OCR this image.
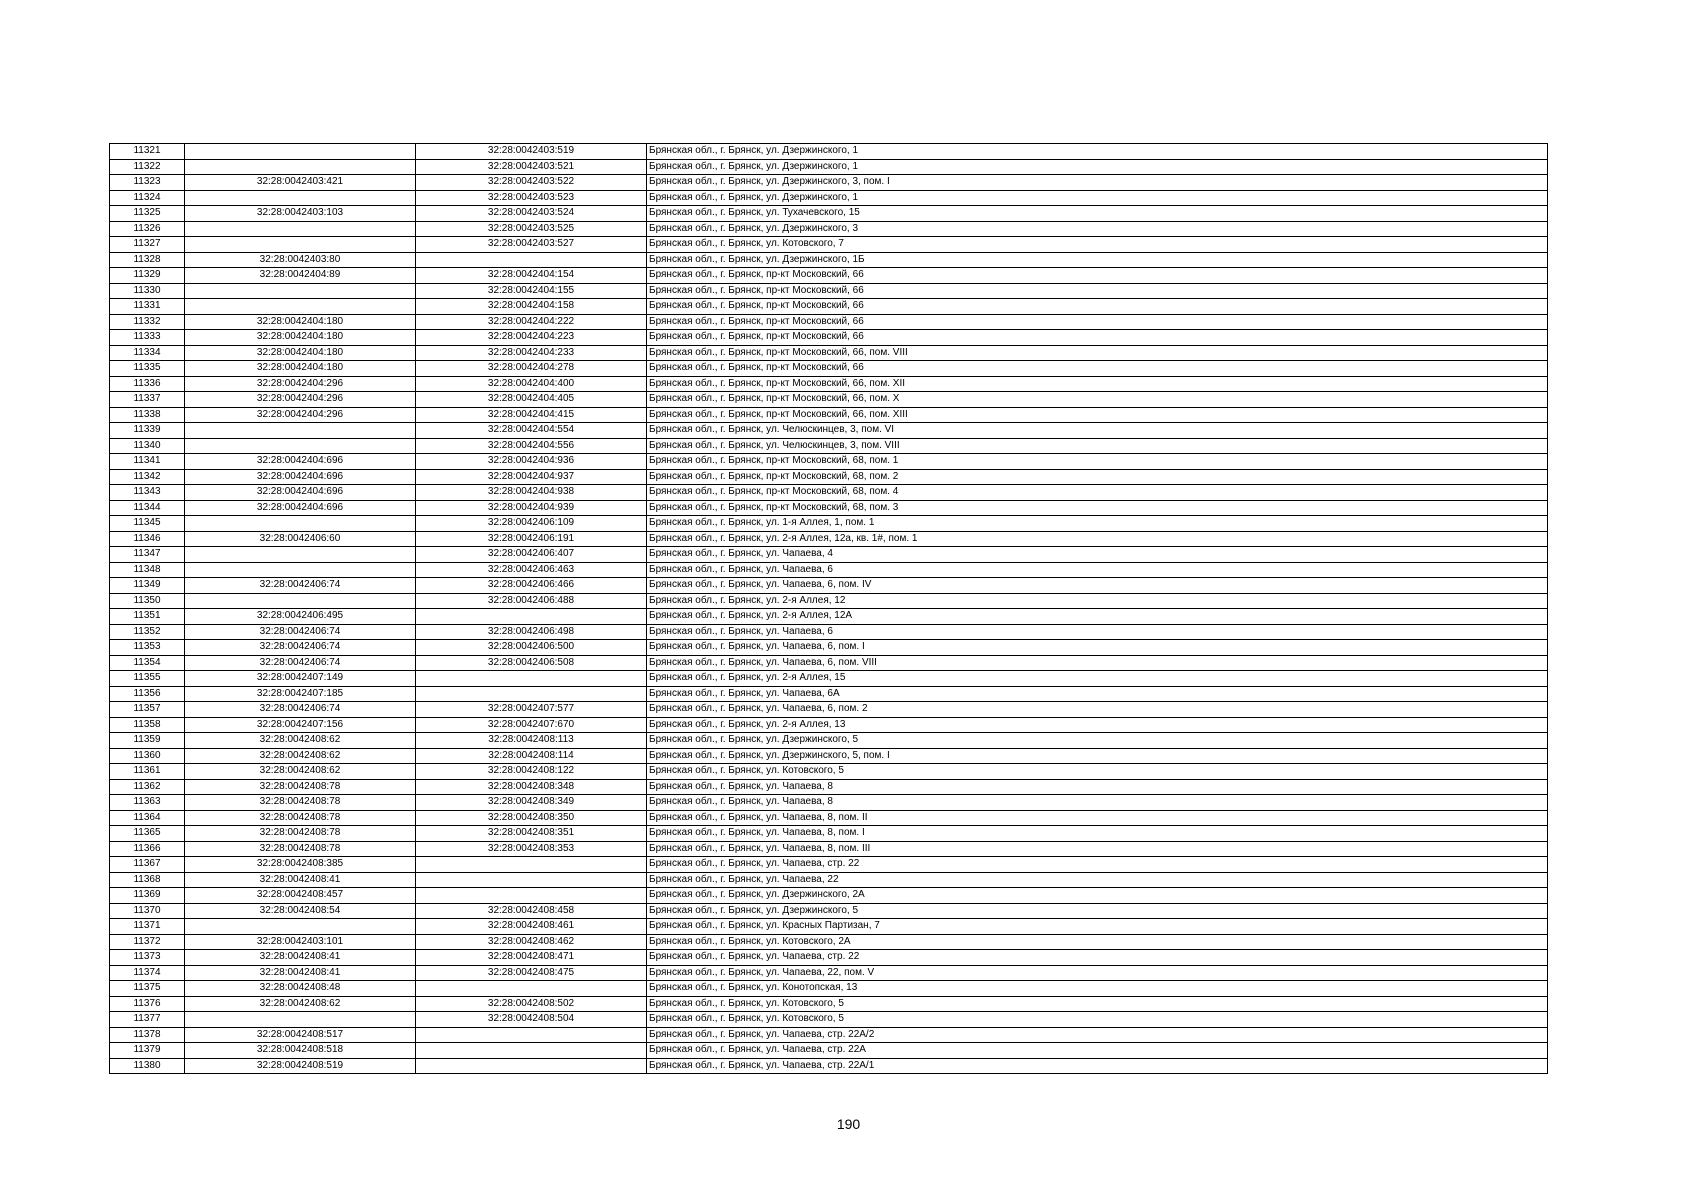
11321		32:28:0042403:519	Брянская обл., г. Брянск, ул. Дзержинского, 1
11322		32:28:0042403:521	Брянская обл., г. Брянск, ул. Дзержинского, 1
11323	32:28:0042403:421	32:28:0042403:522	Брянская обл., г. Брянск, ул. Дзержинского, 3, пом. I
11324		32:28:0042403:523	Брянская обл., г. Брянск, ул. Дзержинского, 1
11325	32:28:0042403:103	32:28:0042403:524	Брянская обл., г. Брянск, ул. Тухачевского, 15
11326		32:28:0042403:525	Брянская обл., г. Брянск, ул. Дзержинского, 3
11327		32:28:0042403:527	Брянская обл., г. Брянск, ул. Котовского, 7
11328	32:28:0042403:80		Брянская обл., г. Брянск, ул. Дзержинского, 1Б
11329	32:28:0042404:89	32:28:0042404:154	Брянская обл., г. Брянск, пр-кт Московский, 66
11330		32:28:0042404:155	Брянская обл., г. Брянск, пр-кт Московский, 66
11331		32:28:0042404:158	Брянская обл., г. Брянск, пр-кт Московский, 66
11332	32:28:0042404:180	32:28:0042404:222	Брянская обл., г. Брянск, пр-кт Московский, 66
11333	32:28:0042404:180	32:28:0042404:223	Брянская обл., г. Брянск, пр-кт Московский, 66
11334	32:28:0042404:180	32:28:0042404:233	Брянская обл., г. Брянск, пр-кт Московский, 66, пом. VIII
11335	32:28:0042404:180	32:28:0042404:278	Брянская обл., г. Брянск, пр-кт Московский, 66
11336	32:28:0042404:296	32:28:0042404:400	Брянская обл., г. Брянск, пр-кт Московский, 66, пом. XII
11337	32:28:0042404:296	32:28:0042404:405	Брянская обл., г. Брянск, пр-кт Московский, 66, пом. X
11338	32:28:0042404:296	32:28:0042404:415	Брянская обл., г. Брянск, пр-кт Московский, 66, пом. XIII
11339		32:28:0042404:554	Брянская обл., г. Брянск, ул. Челюскинцев, 3, пом. VI
11340		32:28:0042404:556	Брянская обл., г. Брянск, ул. Челюскинцев, 3, пом. VIII
11341	32:28:0042404:696	32:28:0042404:936	Брянская обл., г. Брянск, пр-кт Московский, 68, пом. 1
11342	32:28:0042404:696	32:28:0042404:937	Брянская обл., г. Брянск, пр-кт Московский, 68, пом. 2
11343	32:28:0042404:696	32:28:0042404:938	Брянская обл., г. Брянск, пр-кт Московский, 68, пом. 4
11344	32:28:0042404:696	32:28:0042404:939	Брянская обл., г. Брянск, пр-кт Московский, 68, пом. 3
11345		32:28:0042406:109	Брянская обл., г. Брянск, ул. 1-я Аллея, 1, пом. 1
11346	32:28:0042406:60	32:28:0042406:191	Брянская обл., г. Брянск, ул. 2-я Аллея, 12а, кв. 1#, пом. 1
11347		32:28:0042406:407	Брянская обл., г. Брянск, ул. Чапаева, 4
11348		32:28:0042406:463	Брянская обл., г. Брянск, ул. Чапаева, 6
11349	32:28:0042406:74	32:28:0042406:466	Брянская обл., г. Брянск, ул. Чапаева, 6, пом. IV
11350		32:28:0042406:488	Брянская обл., г. Брянск, ул. 2-я Аллея, 12
11351	32:28:0042406:495		Брянская обл., г. Брянск, ул. 2-я Аллея, 12А
11352	32:28:0042406:74	32:28:0042406:498	Брянская обл., г. Брянск, ул. Чапаева, 6
11353	32:28:0042406:74	32:28:0042406:500	Брянская обл., г. Брянск, ул. Чапаева, 6, пом. I
11354	32:28:0042406:74	32:28:0042406:508	Брянская обл., г. Брянск, ул. Чапаева, 6, пом. VIII
11355	32:28:0042407:149		Брянская обл., г. Брянск, ул. 2-я Аллея, 15
11356	32:28:0042407:185		Брянская обл., г. Брянск, ул. Чапаева, 6А
11357	32:28:0042406:74	32:28:0042407:577	Брянская обл., г. Брянск, ул. Чапаева, 6, пом. 2
11358	32:28:0042407:156	32:28:0042407:670	Брянская обл., г. Брянск, ул. 2-я Аллея, 13
11359	32:28:0042408:62	32:28:0042408:113	Брянская обл., г. Брянск, ул. Дзержинского, 5
11360	32:28:0042408:62	32:28:0042408:114	Брянская обл., г. Брянск, ул. Дзержинского, 5, пом. I
11361	32:28:0042408:62	32:28:0042408:122	Брянская обл., г. Брянск, ул. Котовского, 5
11362	32:28:0042408:78	32:28:0042408:348	Брянская обл., г. Брянск, ул. Чапаева, 8
11363	32:28:0042408:78	32:28:0042408:349	Брянская обл., г. Брянск, ул. Чапаева, 8
11364	32:28:0042408:78	32:28:0042408:350	Брянская обл., г. Брянск, ул. Чапаева, 8, пом. II
11365	32:28:0042408:78	32:28:0042408:351	Брянская обл., г. Брянск, ул. Чапаева, 8, пом. I
11366	32:28:0042408:78	32:28:0042408:353	Брянская обл., г. Брянск, ул. Чапаева, 8, пом. III
11367	32:28:0042408:385		Брянская обл., г. Брянск, ул. Чапаева, стр. 22
11368	32:28:0042408:41		Брянская обл., г. Брянск, ул. Чапаева, 22
11369	32:28:0042408:457		Брянская обл., г. Брянск, ул. Дзержинского, 2А
11370	32:28:0042408:54	32:28:0042408:458	Брянская обл., г. Брянск, ул. Дзержинского, 5
11371		32:28:0042408:461	Брянская обл., г. Брянск, ул. Красных Партизан, 7
11372	32:28:0042403:101	32:28:0042408:462	Брянская обл., г. Брянск, ул. Котовского, 2А
11373	32:28:0042408:41	32:28:0042408:471	Брянская обл., г. Брянск, ул. Чапаева, стр. 22
11374	32:28:0042408:41	32:28:0042408:475	Брянская обл., г. Брянск, ул. Чапаева, 22, пом. V
11375	32:28:0042408:48		Брянская обл., г. Брянск, ул. Конотопская, 13
11376	32:28:0042408:62	32:28:0042408:502	Брянская обл., г. Брянск, ул. Котовского, 5
11377		32:28:0042408:504	Брянская обл., г. Брянск, ул. Котовского, 5
11378	32:28:0042408:517		Брянская обл., г. Брянск, ул. Чапаева, стр. 22А/2
11379	32:28:0042408:518		Брянская обл., г. Брянск, ул. Чапаева, стр. 22А
11380	32:28:0042408:519		Брянская обл., г. Брянск, ул. Чапаева, стр. 22А/1
190
